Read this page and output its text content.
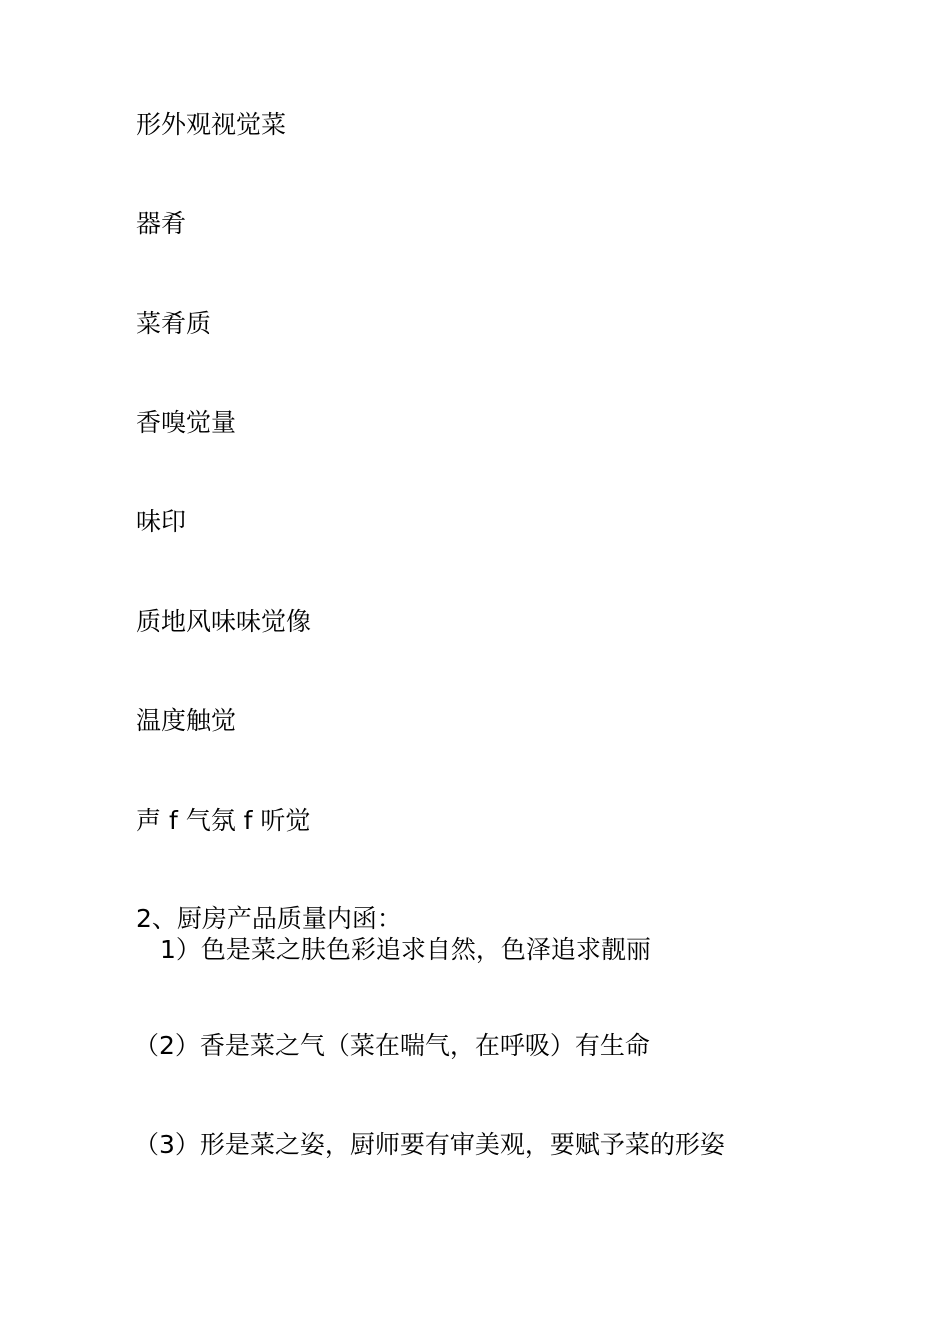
形外观视觉菜
器肴
菜肴质
香嗅觉量
味印
质地风味味觉像
温度触觉
声 f 气氛 f 听觉
2、厨房产品质量内函：
1）色是菜之肤色彩追求自然，色泽追求靓丽
（2）香是菜之气（菜在喘气，在呼吸）有生命
（3）形是菜之姿，厨师要有审美观，要赋予菜的形姿
